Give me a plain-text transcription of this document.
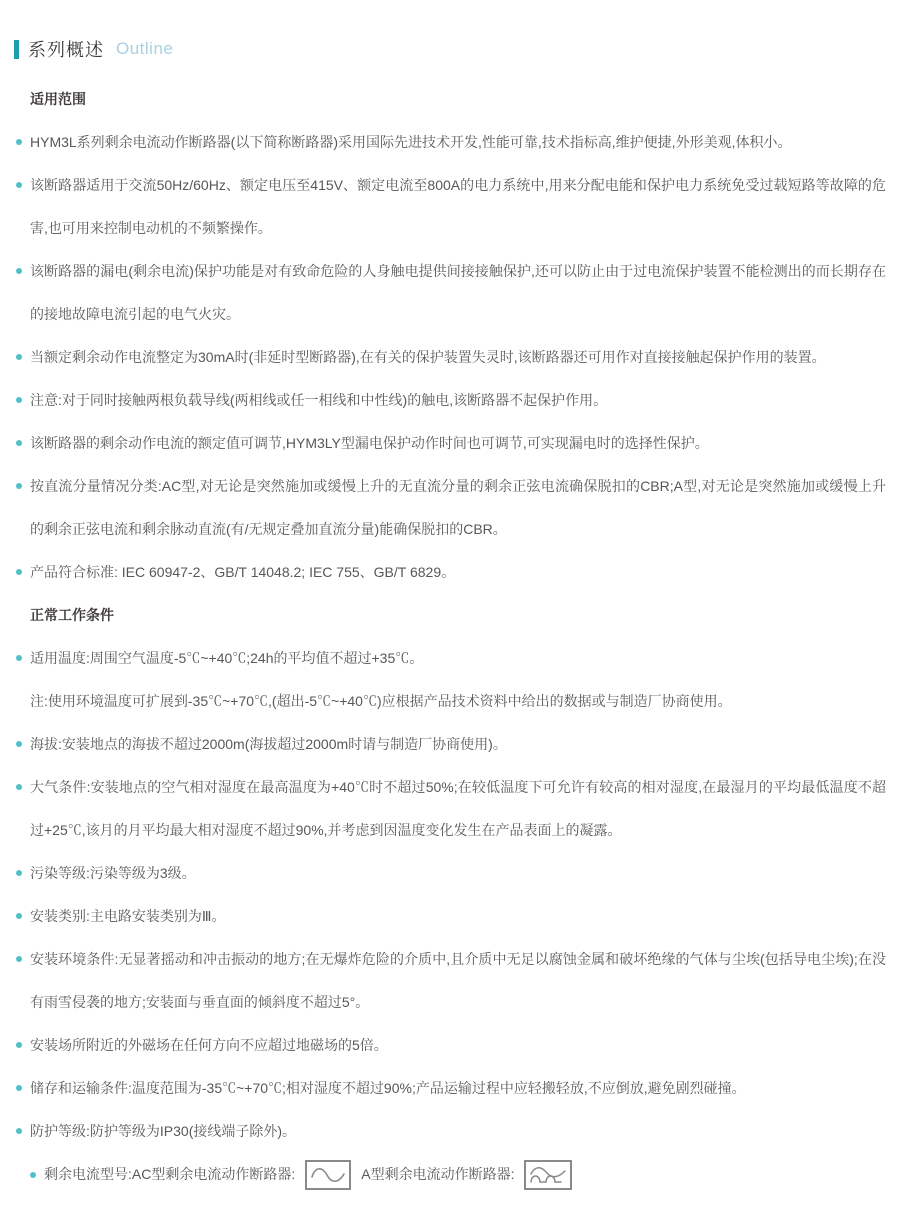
系列概述 Outline
适用范围
HYM3L系列剩余电流动作断路器(以下简称断路器)采用国际先进技术开发,性能可靠,技术指标高,维护便捷,外形美观,体积小。
该断路器适用于交流50Hz/60Hz、额定电压至415V、额定电流至800A的电力系统中,用来分配电能和保护电力系统免受过载短路等故障的危害,也可用来控制电动机的不频繁操作。
该断路器的漏电(剩余电流)保护功能是对有致命危险的人身触电提供间接接触保护,还可以防止由于过电流保护装置不能检测出的而长期存在的接地故障电流引起的电气火灾。
当额定剩余动作电流整定为30mA时(非延时型断路器),在有关的保护装置失灵时,该断路器还可用作对直接接触起保护作用的装置。
注意:对于同时接触两根负载导线(两相线或任一相线和中性线)的触电,该断路器不起保护作用。
该断路器的剩余动作电流的额定值可调节,HYM3LY型漏电保护动作时间也可调节,可实现漏电时的选择性保护。
按直流分量情况分类:AC型,对无论是突然施加或缓慢上升的无直流分量的剩余正弦电流确保脱扣的CBR;A型,对无论是突然施加或缓慢上升的剩余正弦电流和剩余脉动直流(有/无规定叠加直流分量)能确保脱扣的CBR。
产品符合标准: IEC 60947-2、GB/T 14048.2; IEC 755、GB/T 6829。
正常工作条件
适用温度:周围空气温度-5℃~+40℃;24h的平均值不超过+35℃。
注:使用环境温度可扩展到-35℃~+70℃,(超出-5℃~+40℃)应根据产品技术资料中给出的数据或与制造厂协商使用。
海拔:安装地点的海拔不超过2000m(海拔超过2000m时请与制造厂协商使用)。
大气条件:安装地点的空气相对湿度在最高温度为+40℃时不超过50%;在较低温度下可允许有较高的相对湿度,在最湿月的平均最低温度不超过+25℃,该月的月平均最大相对湿度不超过90%,并考虑到因温度变化发生在产品表面上的凝露。
污染等级:污染等级为3级。
安装类别:主电路安装类别为Ⅲ。
安装环境条件:无显著摇动和冲击振动的地方;在无爆炸危险的介质中,且介质中无足以腐蚀金属和破坏绝缘的气体与尘埃(包括导电尘埃);在没有雨雪侵袭的地方;安装面与垂直面的倾斜度不超过5°。
安装场所附近的外磁场在任何方向不应超过地磁场的5倍。
储存和运输条件:温度范围为-35℃~+70℃;相对湿度不超过90%;产品运输过程中应轻搬轻放,不应倒放,避免剧烈碰撞。
防护等级:防护等级为IP30(接线端子除外)。
剩余电流型号:AC型剩余电流动作断路器:	A型剩余电流动作断路器:
